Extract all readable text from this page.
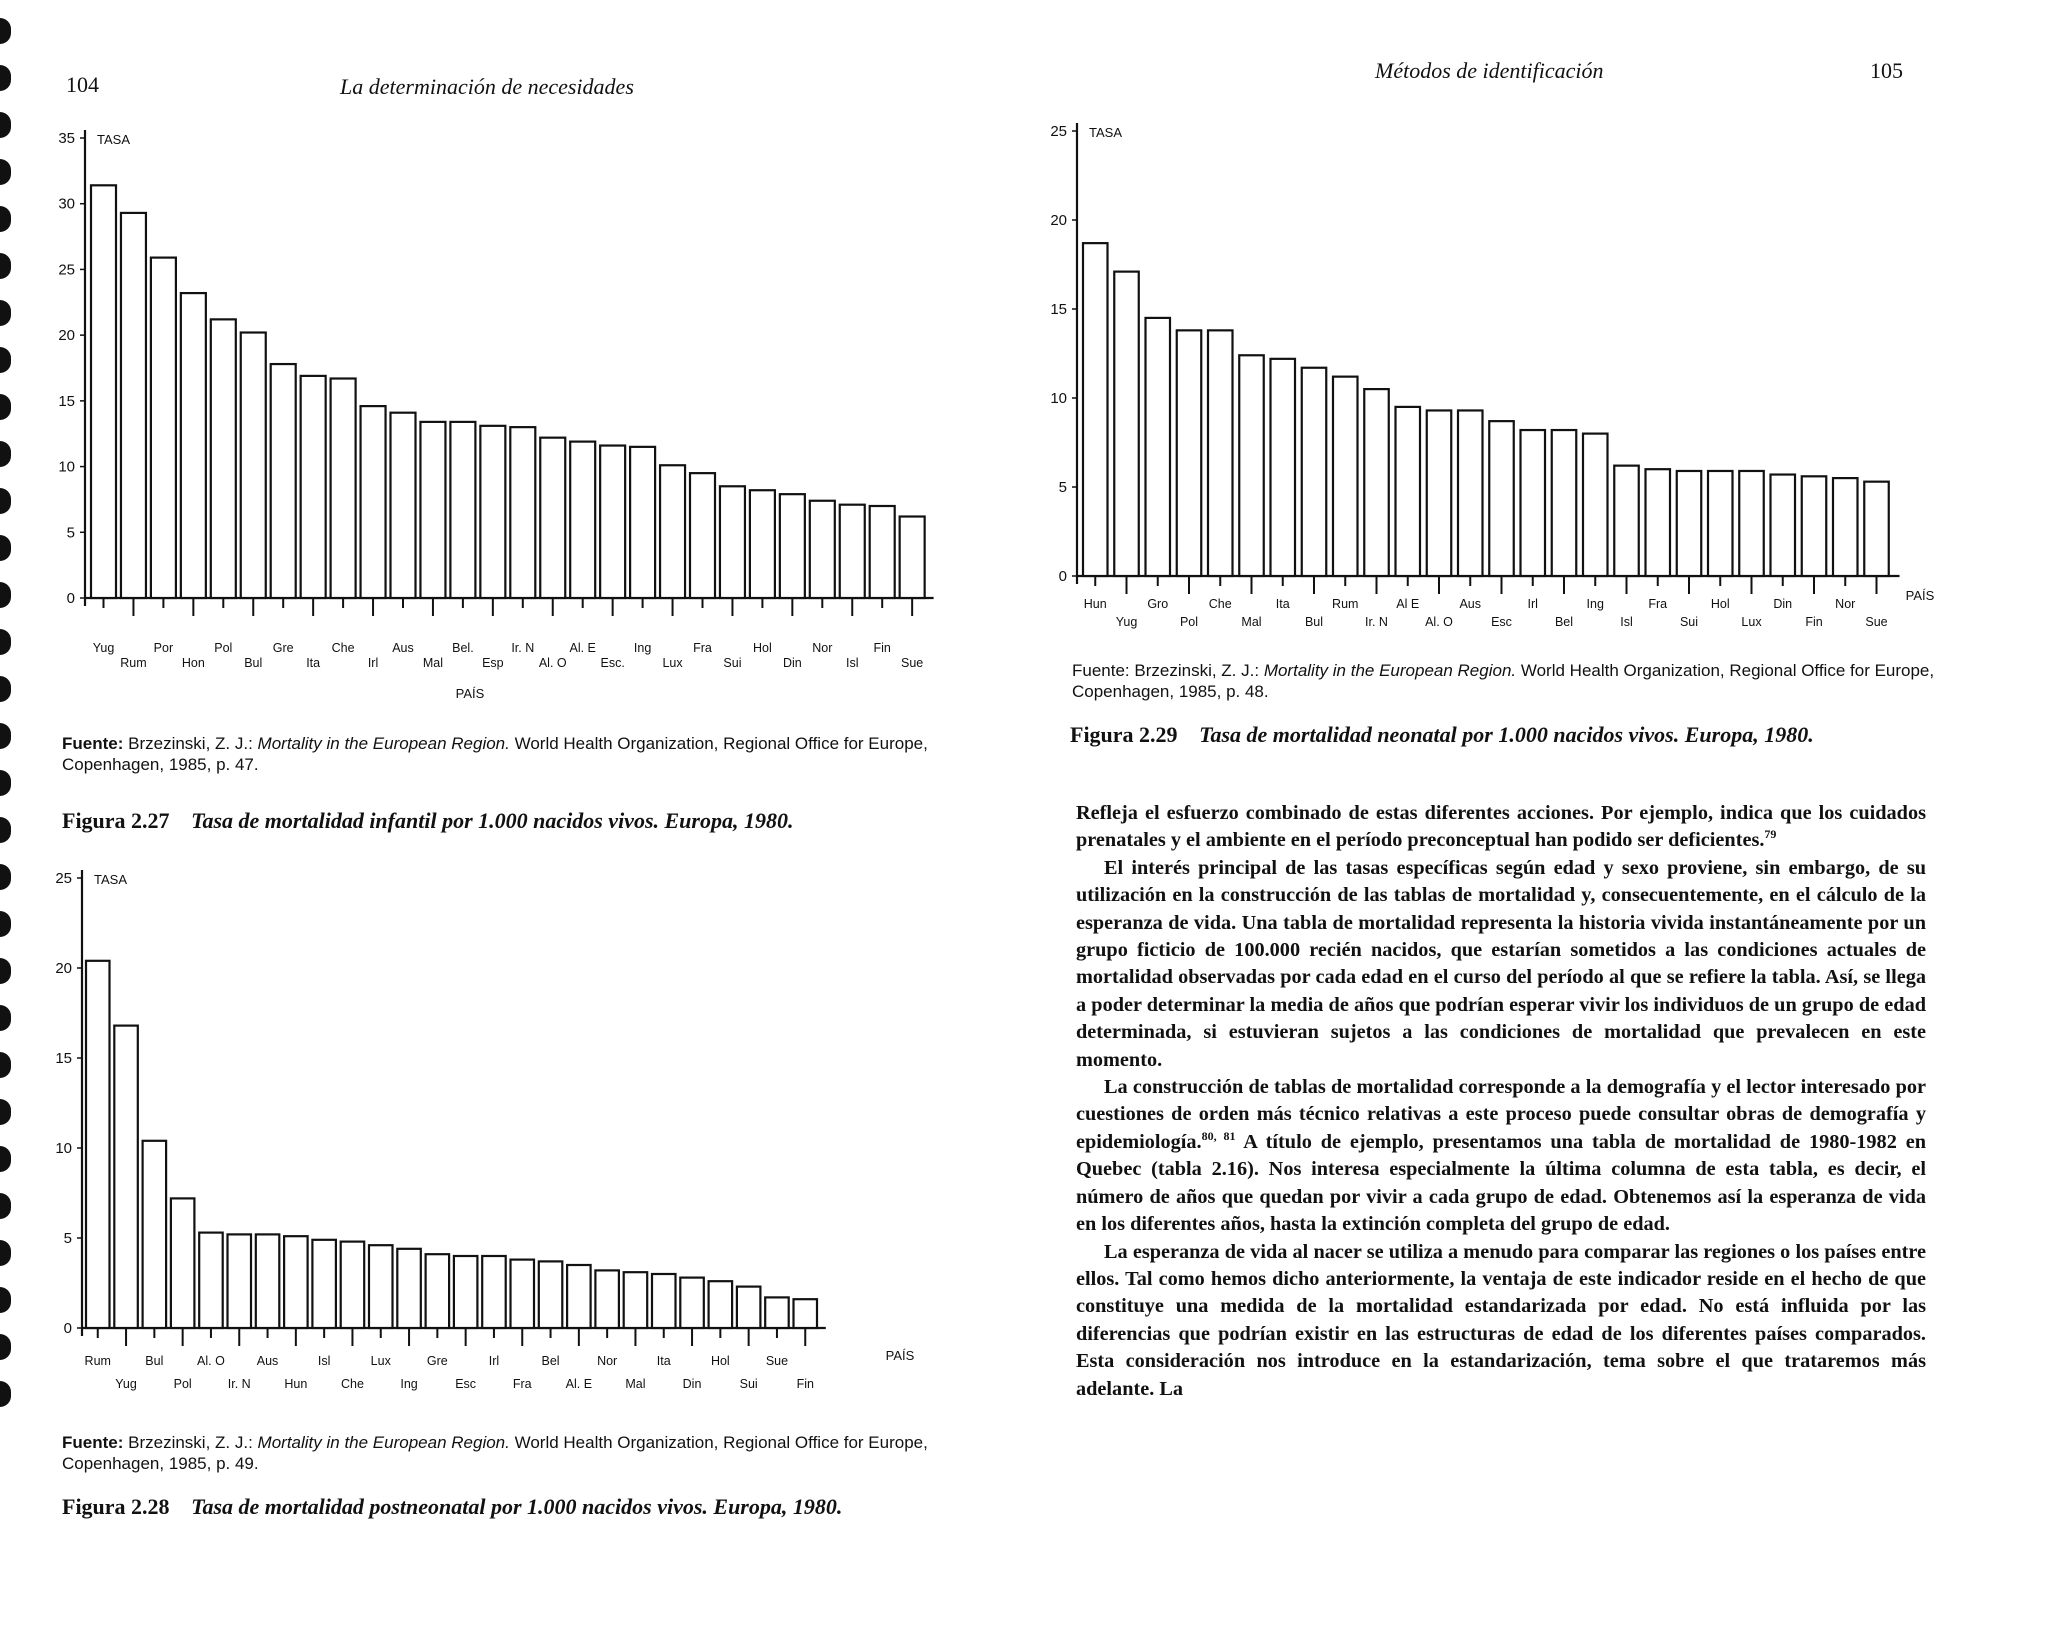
104	La determinación de necesidades
0
5
10
15
20
25
30
35 TASA
Yug
Rum
Por
Hon
Pol
Bul
Gre
Ita
Che
Irl
Aus
Mal
Bel.
Esp
Ir. N
Al. O
Al. E
Esc.
Ing
Lux
Fra
Sui
Hol
Din
Nor
Isl
Fin
Sue
PAÍS
Fuente: Brzezinski, Z. J.: Mortality in the European Region. World Health Organization, Regional Office for Europe, Copenhagen, 1985, p. 47.
Figura 2.27 Tasa de mortalidad infantil por 1.000 nacidos vivos. Europa, 1980.
0
5
10
15
20
25 TASA
Rum
Yug
Bul
Pol
Al. O
Ir. N
Aus
Hun
Isl
Che
Lux
Ing
Gre
Esc
Irl
Fra
Bel
Al. E
Nor
Mal
Ita
Din
Hol
Sui
Sue
Fin
PAÍS
Fuente: Brzezinski, Z. J.: Mortality in the European Region. World Health Organization, Regional Office for Europe, Copenhagen, 1985, p. 49.
Figura 2.28 Tasa de mortalidad postneonatal por 1.000 nacidos vivos. Europa, 1980.
Métodos de identificación	105
0
5
10
15
20
25 TASA
Hun
Yug
Gro
Pol
Che
Mal
Ita
Bul
Rum
Ir. N
Al E
Al. O
Aus
Esc
Irl
Bel
Ing
Isl
Fra
Sui
Hol
Lux
Din
Fin
Nor
Sue
PAÍS
Fuente: Brzezinski, Z. J.: Mortality in the European Region. World Health Organization, Regional Office for Europe, Copenhagen, 1985, p. 48.
Figura 2.29 Tasa de mortalidad neonatal por 1.000 nacidos vivos. Europa, 1980.

Refleja el esfuerzo combinado de estas diferentes acciones. Por ejemplo, indica que los cuidados prenatales y el ambiente en el período preconceptual han podido ser deficientes.$^{79}$

El interés principal de las tasas específicas según edad y sexo proviene, sin embargo, de su utilización en la construcción de las tablas de mortalidad y, consecuentemente, en el cálculo de la esperanza de vida. Una tabla de mortalidad representa la historia vivida instantáneamente por un grupo ficticio de 100.000 recién nacidos, que estarían sometidos a las condiciones actuales de mortalidad observadas por cada edad en el curso del período al que se refiere la tabla. Así, se llega a poder determinar la media de años que podrían esperar vivir los individuos de un grupo de edad determinada, si estuvieran sujetos a las condiciones de mortalidad que prevalecen en este momento.

La construcción de tablas de mortalidad corresponde a la demografía y el lector interesado por cuestiones de orden más técnico relativas a este proceso puede consultar obras de demografía y epidemiología.$^{80, 81}$ A título de ejemplo, presentamos una tabla de mortalidad de 1980-1982 en Quebec (tabla 2.16). Nos interesa especialmente la última columna de esta tabla, es decir, el número de años que quedan por vivir a cada grupo de edad. Obtenemos así la esperanza de vida en los diferentes años, hasta la extinción completa del grupo de edad.

La esperanza de vida al nacer se utiliza a menudo para comparar las regiones o los países entre ellos. Tal como hemos dicho anteriormente, la ventaja de este indicador reside en el hecho de que constituye una medida de la mortalidad estandarizada por edad. No está influida por las diferencias que podrían existir en las estructuras de edad de los diferentes países comparados. Esta consideración nos introduce en la estandarización, tema sobre el que trataremos más adelante. La
